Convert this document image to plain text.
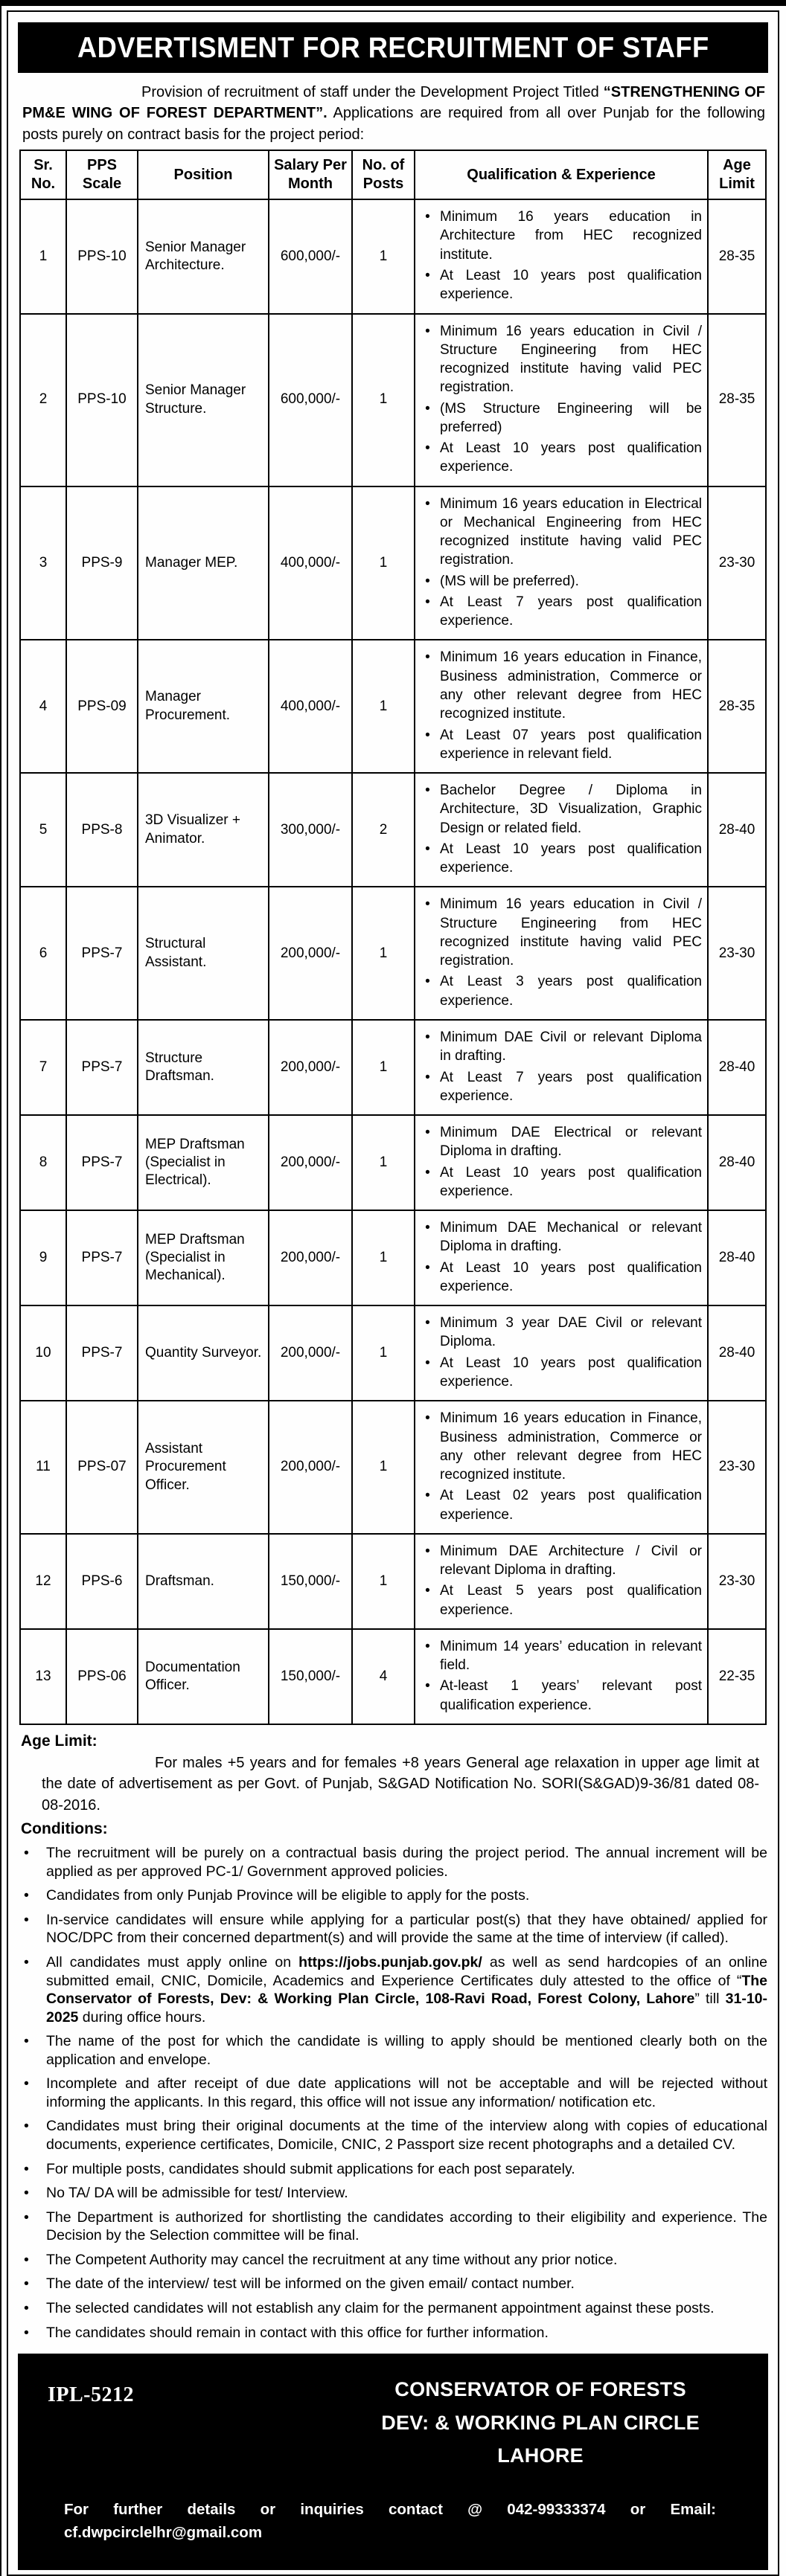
ADVERTISMENT FOR RECRUITMENT OF STAFF

Provision of recruitment of staff under the Development Project Titled “STRENGTHENING OF PM&E WING OF FOREST DEPARTMENT”. Applications are required from all over Punjab for the following posts purely on contract basis for the project period:

Sr. No.	PPS Scale	Position	Salary Per Month	No. of Posts	Qualification & Experience	Age Limit
1	PPS-10	Senior Manager Architecture.	600,000/-	1	• Minimum 16 years education in Architecture from HEC recognized institute.
• At Least 10 years post qualification experience.	28-35
2	PPS-10	Senior Manager Structure.	600,000/-	1	
• Minimum 16 years education in Civil / Structure Engineering from HEC recognized institute having valid PEC registration.
• (MS Structure Engineering will be preferred)
• At Least 10 years post qualification experience.
	28-35
3	PPS-9	Manager MEP.	400,000/-	1	
• Minimum 16 years education in Electrical or Mechanical Engineering from HEC recognized institute having valid PEC registration.
• (MS will be preferred).
• At Least 7 years post qualification experience.
	23-30
4	PPS-09	Manager Procurement.	400,000/-	1	• Minimum 16 years education in Finance, Business administration, Commerce or any other relevant degree from HEC recognized institute.
• At Least 07 years post qualification experience in relevant field.	28-35
5	PPS-8	3D Visualizer + Animator.	300,000/-	2	• Bachelor Degree / Diploma in Architecture, 3D Visualization, Graphic Design or related field.
• At Least 10 years post qualification experience.	28-40
6	PPS-7	Structural Assistant.	200,000/-	1	• Minimum 16 years education in Civil / Structure Engineering from HEC recognized institute having valid PEC registration.
• At Least 3 years post qualification experience.	23-30
7	PPS-7	Structure Draftsman.	200,000/-	1	• Minimum DAE Civil or relevant Diploma in drafting.
• At Least 7 years post qualification experience.	28-40
8	PPS-7	MEP Draftsman (Specialist in Electrical).	200,000/-	1	• Minimum DAE Electrical or relevant Diploma in drafting.
• At Least 10 years post qualification experience.	28-40
9	PPS-7	MEP Draftsman (Specialist in Mechanical).	200,000/-	1	• Minimum DAE Mechanical or relevant Diploma in drafting.
• At Least 10 years post qualification experience.	28-40
10	PPS-7	Quantity Surveyor.	200,000/-	1	• Minimum 3 year DAE Civil or relevant Diploma.
• At Least 10 years post qualification experience.	28-40
11	PPS-07	Assistant Procurement Officer.	200,000/-	1	• Minimum 16 years education in Finance, Business administration, Commerce or any other relevant degree from HEC recognized institute.
• At Least 02 years post qualification experience.	23-30
12	PPS-6	Draftsman.	150,000/-	1	• Minimum DAE Architecture / Civil or relevant Diploma in drafting.
• At Least 5 years post qualification experience.	23-30
13	PPS-06	Documentation Officer.	150,000/-	4	• Minimum 14 years’ education in relevant field.
• At-least 1 years’ relevant post qualification experience.	22-35
Age Limit:

For males +5 years and for females +8 years General age relaxation in upper age limit at the date of advertisement as per Govt. of Punjab, S&GAD Notification No. SORI(S&GAD)9-36/81 dated 08-08-2016.

Conditions:
• The recruitment will be purely on a contractual basis during the project period. The annual increment will be applied as per approved PC-1/ Government approved policies.
• Candidates from only Punjab Province will be eligible to apply for the posts.
• In-service candidates will ensure while applying for a particular post(s) that they have obtained/ applied for NOC/DPC from their concerned department(s) and will provide the same at the time of interview (if called).
• All candidates must apply online on https://jobs.punjab.gov.pk/ as well as send hardcopies of an online submitted email, CNIC, Domicile, Academics and Experience Certificates duly attested to the office of “The Conservator of Forests, Dev: & Working Plan Circle, 108-Ravi Road, Forest Colony, Lahore” till 31-10-2025 during office hours.
• The name of the post for which the candidate is willing to apply should be mentioned clearly both on the application and envelope.
• Incomplete and after receipt of due date applications will not be acceptable and will be rejected without informing the applicants. In this regard, this office will not issue any information/ notification etc.
• Candidates must bring their original documents at the time of the interview along with copies of educational documents, experience certificates, Domicile, CNIC, 2 Passport size recent photographs and a detailed CV.
• For multiple posts, candidates should submit applications for each post separately.
• No TA/ DA will be admissible for test/ Interview.
• The Department is authorized for shortlisting the candidates according to their eligibility and experience. The Decision by the Selection committee will be final.
• The Competent Authority may cancel the recruitment at any time without any prior notice.
• The date of the interview/ test will be informed on the given email/ contact number.
• The selected candidates will not establish any claim for the permanent appointment against these posts.
• The candidates should remain in contact with this office for further information.
IPL-5212	CONSERVATOR OF FORESTS
DEV: & WORKING PLAN CIRCLE
LAHORE
For further details or inquiries contact @ 042-99333374 or Email: cf.dwpcirclelhr@gmail.com
